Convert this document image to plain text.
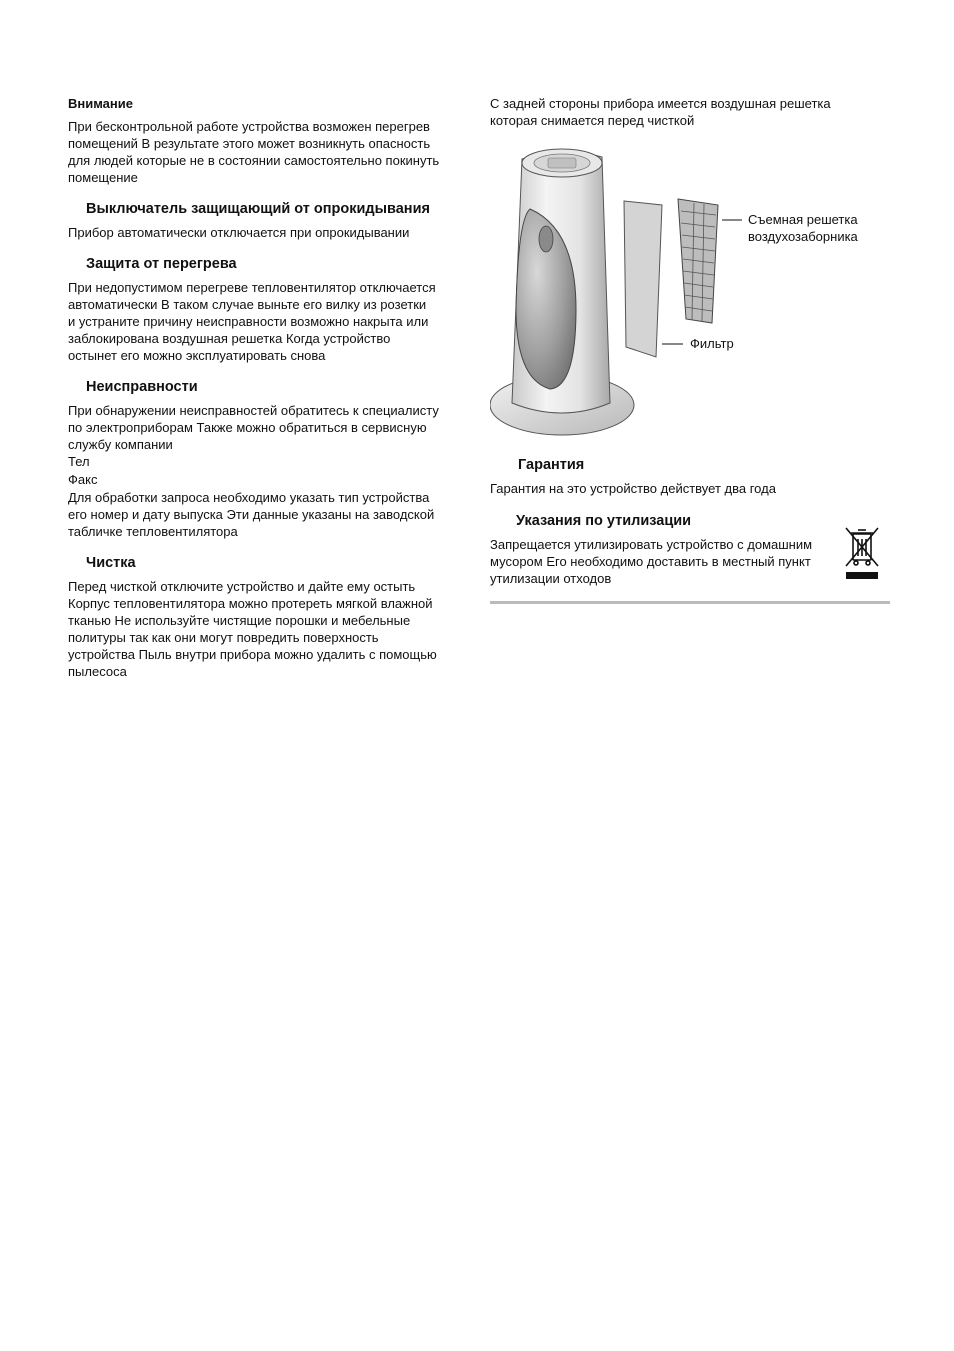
Внимание
При бесконтрольной работе устройства возможен перегрев
помещений В результате этого может возникнуть опасность
для людей которые не в состоянии самостоятельно покинуть
помещение
Выключатель защищающий от опрокидывания
Прибор автоматически отключается при опрокидывании
Защита от перегрева
При недопустимом перегреве тепловентилятор отключается
автоматически В таком случае выньте его вилку из розетки
и устраните причину неисправности возможно накрыта или
заблокирована воздушная решетка Когда устройство
остынет его можно эксплуатировать снова
Неисправности
При обнаружении неисправностей обратитесь к специалисту
по электроприборам Также можно обратиться в сервисную
службу компании
Тел
Факс
Для обработки запроса необходимо указать тип устройства
его номер и дату выпуска Эти данные указаны на заводской
табличке тепловентилятора
Чистка
Перед чисткой отключите устройство и дайте ему остыть
Корпус тепловентилятора можно протереть мягкой влажной
тканью Не используйте чистящие порошки и мебельные
политуры так как они могут повредить поверхность
устройства Пыль внутри прибора можно удалить с помощью
пылесоса
С задней стороны прибора имеется воздушная решетка
которая снимается перед чисткой
Съемная решетка
воздухозаборника
Фильтр
Гарантия
Гарантия на это устройство действует два года
Указания по утилизации
Запрещается утилизировать устройство с домашним
мусором Его необходимо доставить в местный пункт
утилизации отходов
